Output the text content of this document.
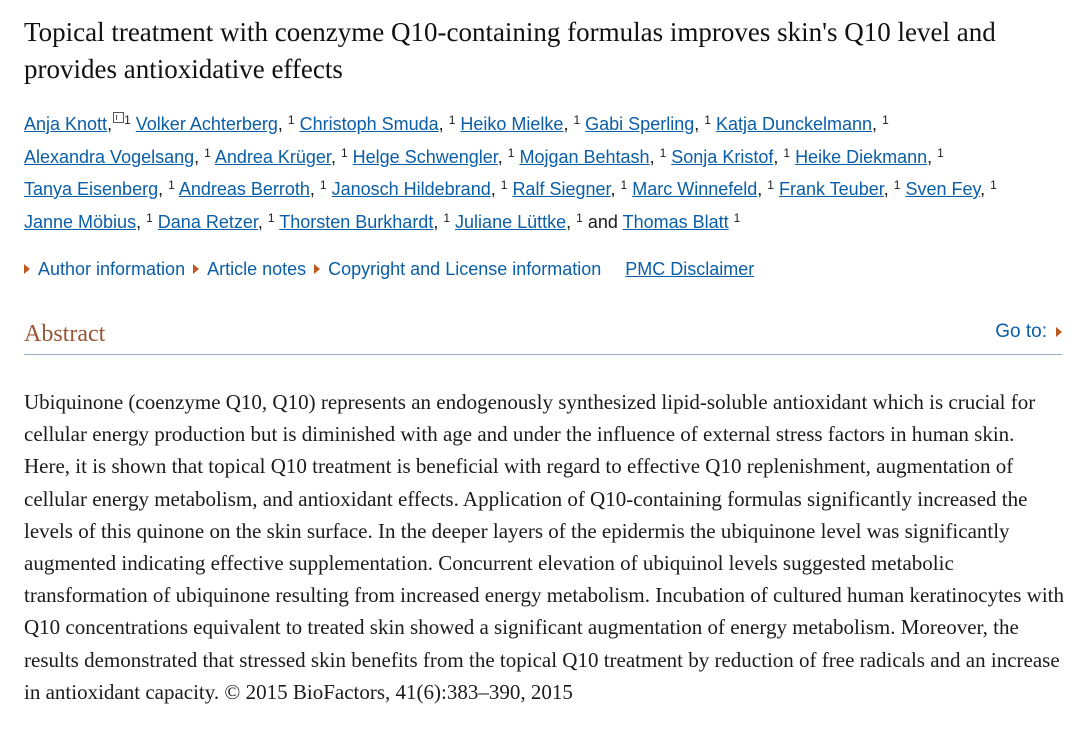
Topical treatment with coenzyme Q10-containing formulas improves skin's Q10 level and provides antioxidative effects
Anja Knott, $^1$ Volker Achterberg, $^1$ Christoph Smuda, $^1$ Heiko Mielke, $^1$ Gabi Sperling, $^1$ Katja Dunckelmann, $^1$
Alexandra Vogelsang, $^1$ Andrea Krüger, $^1$ Helge Schwengler, $^1$ Mojgan Behtash, $^1$ Sonja Kristof, $^1$ Heike Diekmann, $^1$
Tanya Eisenberg, $^1$ Andreas Berroth, $^1$ Janosch Hildebrand, $^1$ Ralf Siegner, $^1$ Marc Winnefeld, $^1$ Frank Teuber, $^1$ Sven Fey, $^1$
Janne Möbius, $^1$ Dana Retzer, $^1$ Thorsten Burkhardt, $^1$ Juliane Lüttke, $^1$ and Thomas Blatt $^1$
Author information Article notes Copyright and License information PMC Disclaimer
Abstract	Go to:

Ubiquinone (coenzyme Q10, Q10) represents an endogenously synthesized lipid-soluble antioxidant which is crucial for cellular energy production but is diminished with age and under the influence of external stress factors in human skin. Here, it is shown that topical Q10 treatment is beneficial with regard to effective Q10 replenishment, augmentation of cellular energy metabolism, and antioxidant effects. Application of Q10-containing formulas significantly increased the levels of this quinone on the skin surface. In the deeper layers of the epidermis the ubiquinone level was significantly augmented indicating effective supplementation. Concurrent elevation of ubiquinol levels suggested metabolic transformation of ubiquinone resulting from increased energy metabolism. Incubation of cultured human keratinocytes with Q10 concentrations equivalent to treated skin showed a significant augmentation of energy metabolism. Moreover, the results demonstrated that stressed skin benefits from the topical Q10 treatment by reduction of free radicals and an increase in antioxidant capacity. © 2015 BioFactors, 41(6):383–390, 2015
